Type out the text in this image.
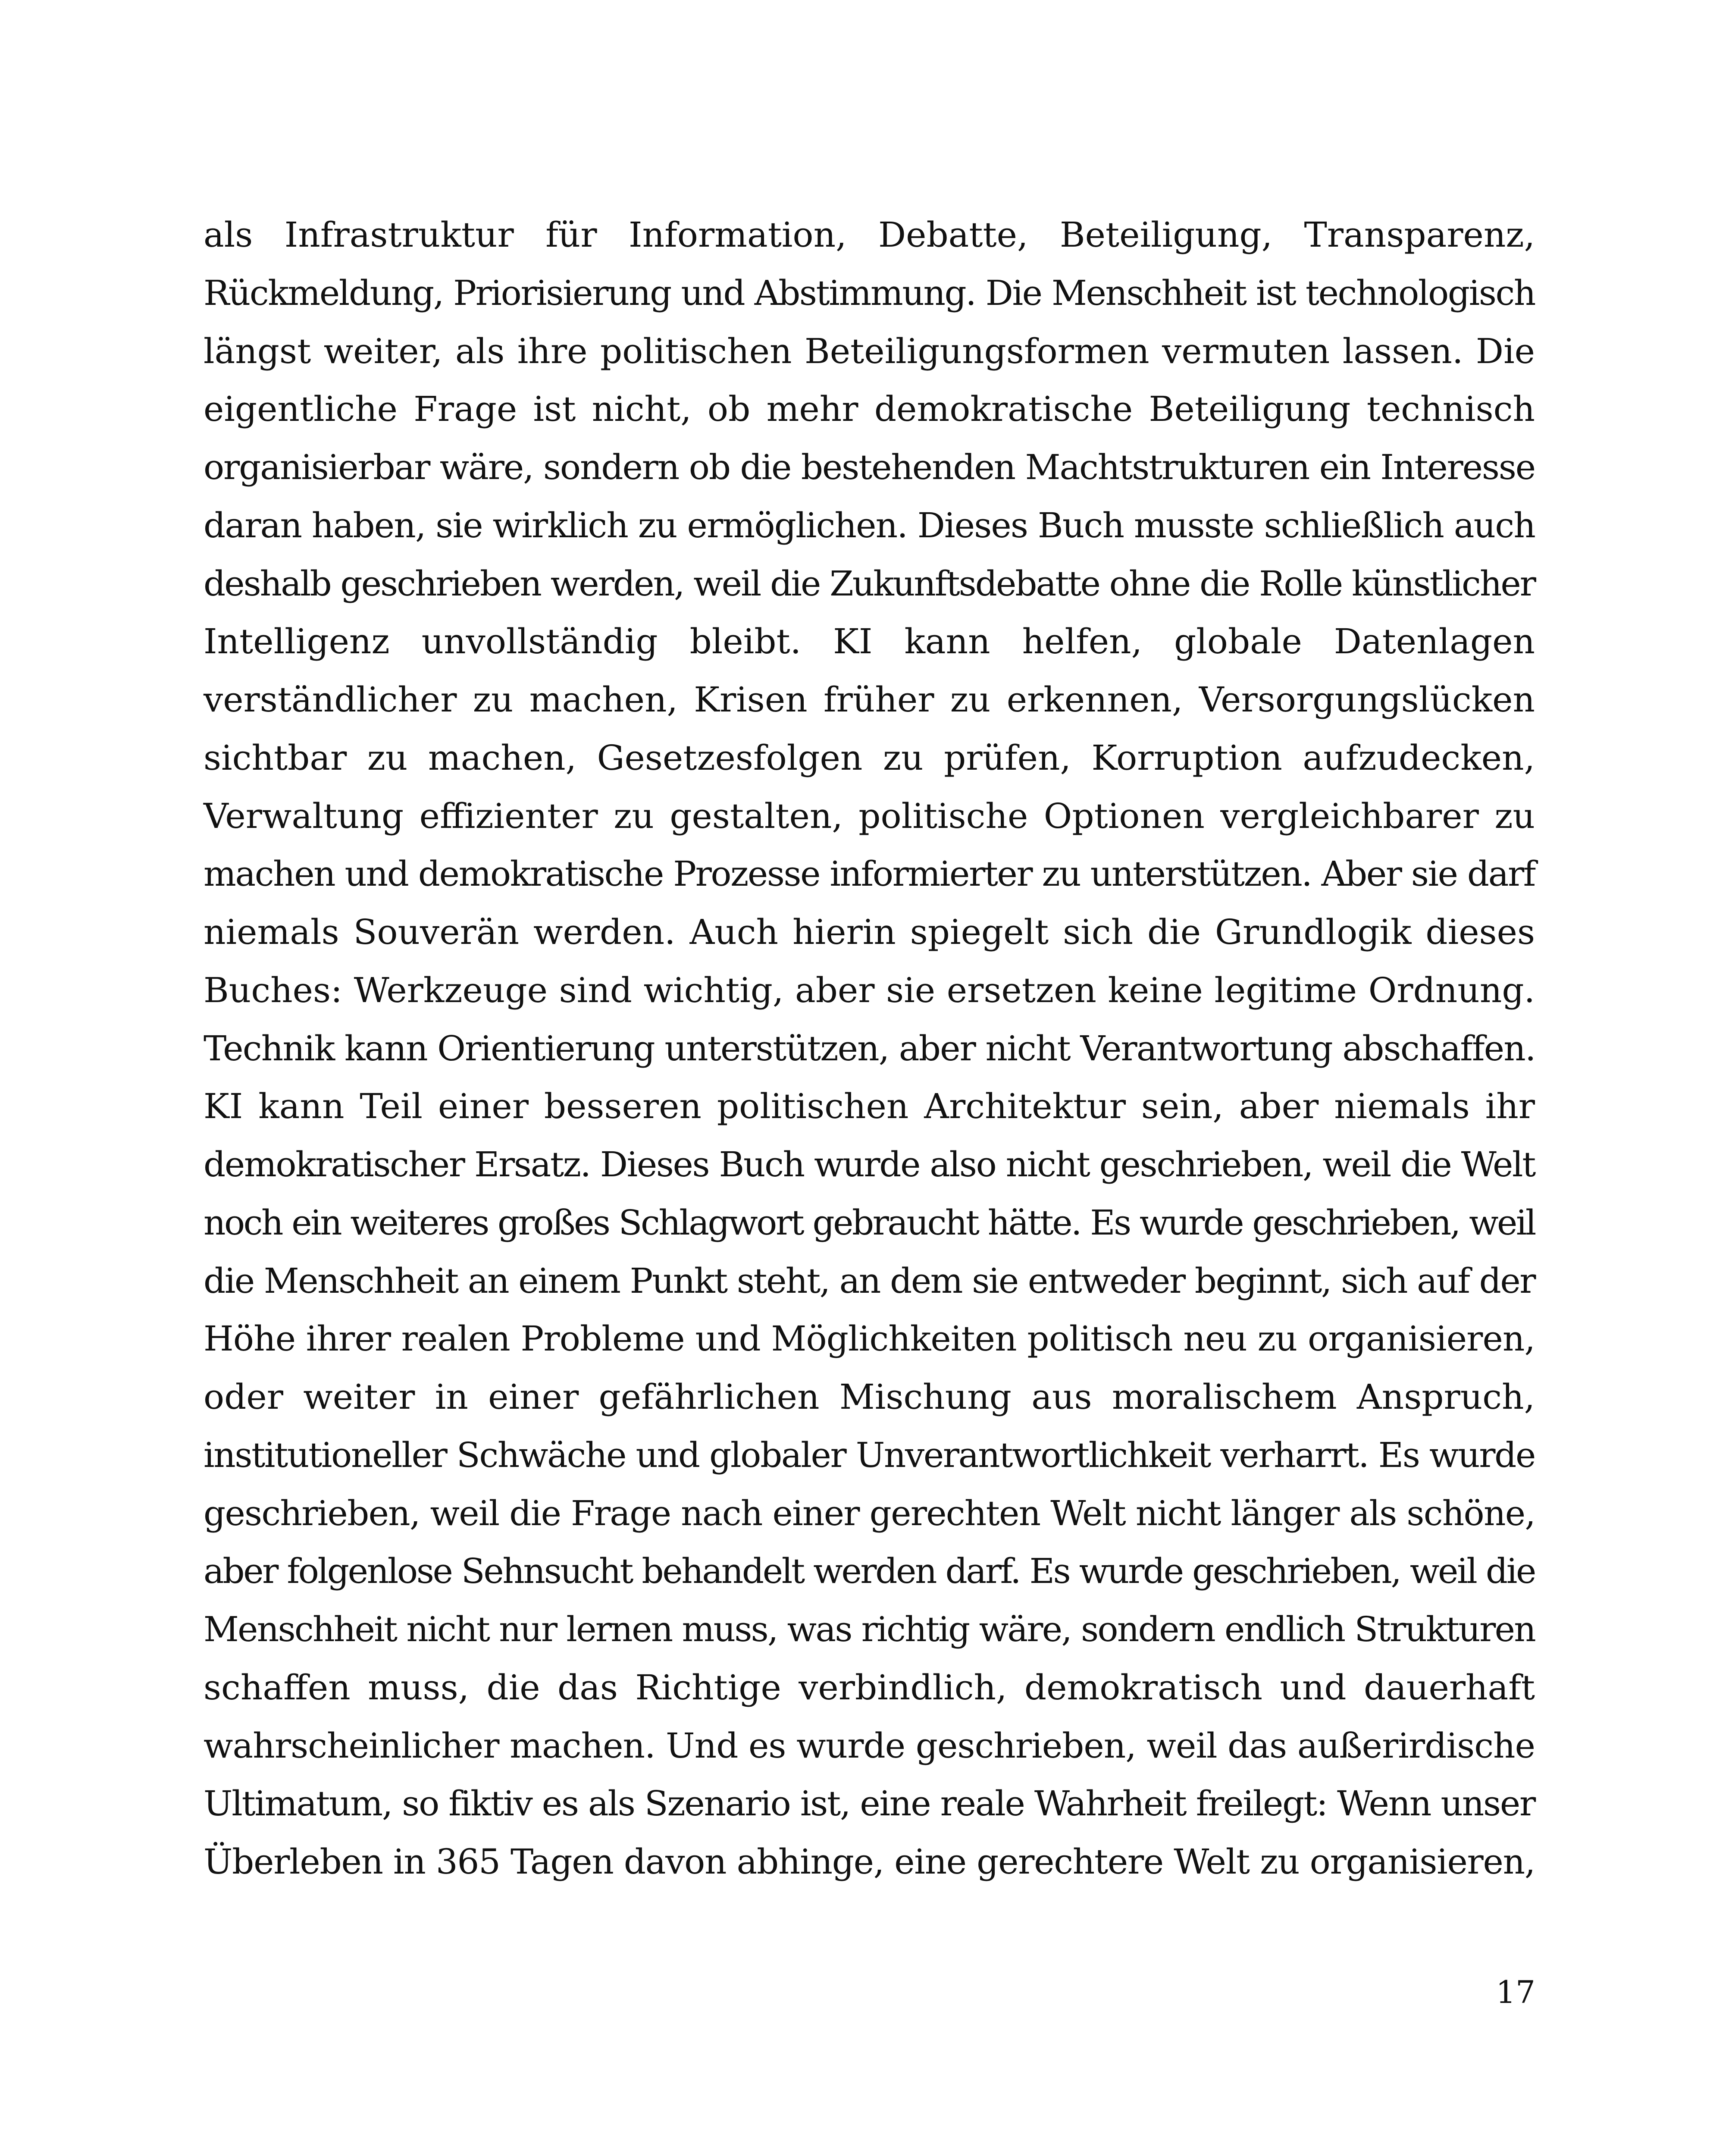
als Infrastruktur für Information, Debatte, Beteiligung, Transparenz,
Rückmeldung, Priorisierung und Abstimmung. Die Menschheit ist technologisch
längst weiter, als ihre politischen Beteiligungsformen vermuten lassen. Die
eigentliche Frage ist nicht, ob mehr demokratische Beteiligung technisch
organisierbar wäre, sondern ob die bestehenden Machtstrukturen ein Interesse
daran haben, sie wirklich zu ermöglichen. Dieses Buch musste schließlich auch
deshalb geschrieben werden, weil die Zukunftsdebatte ohne die Rolle künstlicher
Intelligenz unvollständig bleibt. KI kann helfen, globale Datenlagen
verständlicher zu machen, Krisen früher zu erkennen, Versorgungslücken
sichtbar zu machen, Gesetzesfolgen zu prüfen, Korruption aufzudecken,
Verwaltung effizienter zu gestalten, politische Optionen vergleichbarer zu
machen und demokratische Prozesse informierter zu unterstützen. Aber sie darf
niemals Souverän werden. Auch hierin spiegelt sich die Grundlogik dieses
Buches: Werkzeuge sind wichtig, aber sie ersetzen keine legitime Ordnung.
Technik kann Orientierung unterstützen, aber nicht Verantwortung abschaffen.
KI kann Teil einer besseren politischen Architektur sein, aber niemals ihr
demokratischer Ersatz. Dieses Buch wurde also nicht geschrieben, weil die Welt
noch ein weiteres großes Schlagwort gebraucht hätte. Es wurde geschrieben, weil
die Menschheit an einem Punkt steht, an dem sie entweder beginnt, sich auf der
Höhe ihrer realen Probleme und Möglichkeiten politisch neu zu organisieren,
oder weiter in einer gefährlichen Mischung aus moralischem Anspruch,
institutioneller Schwäche und globaler Unverantwortlichkeit verharrt. Es wurde
geschrieben, weil die Frage nach einer gerechten Welt nicht länger als schöne,
aber folgenlose Sehnsucht behandelt werden darf. Es wurde geschrieben, weil die
Menschheit nicht nur lernen muss, was richtig wäre, sondern endlich Strukturen
schaffen muss, die das Richtige verbindlich, demokratisch und dauerhaft
wahrscheinlicher machen. Und es wurde geschrieben, weil das außerirdische
Ultimatum, so fiktiv es als Szenario ist, eine reale Wahrheit freilegt: Wenn unser
Überleben in 365 Tagen davon abhinge, eine gerechtere Welt zu organisieren,
17
